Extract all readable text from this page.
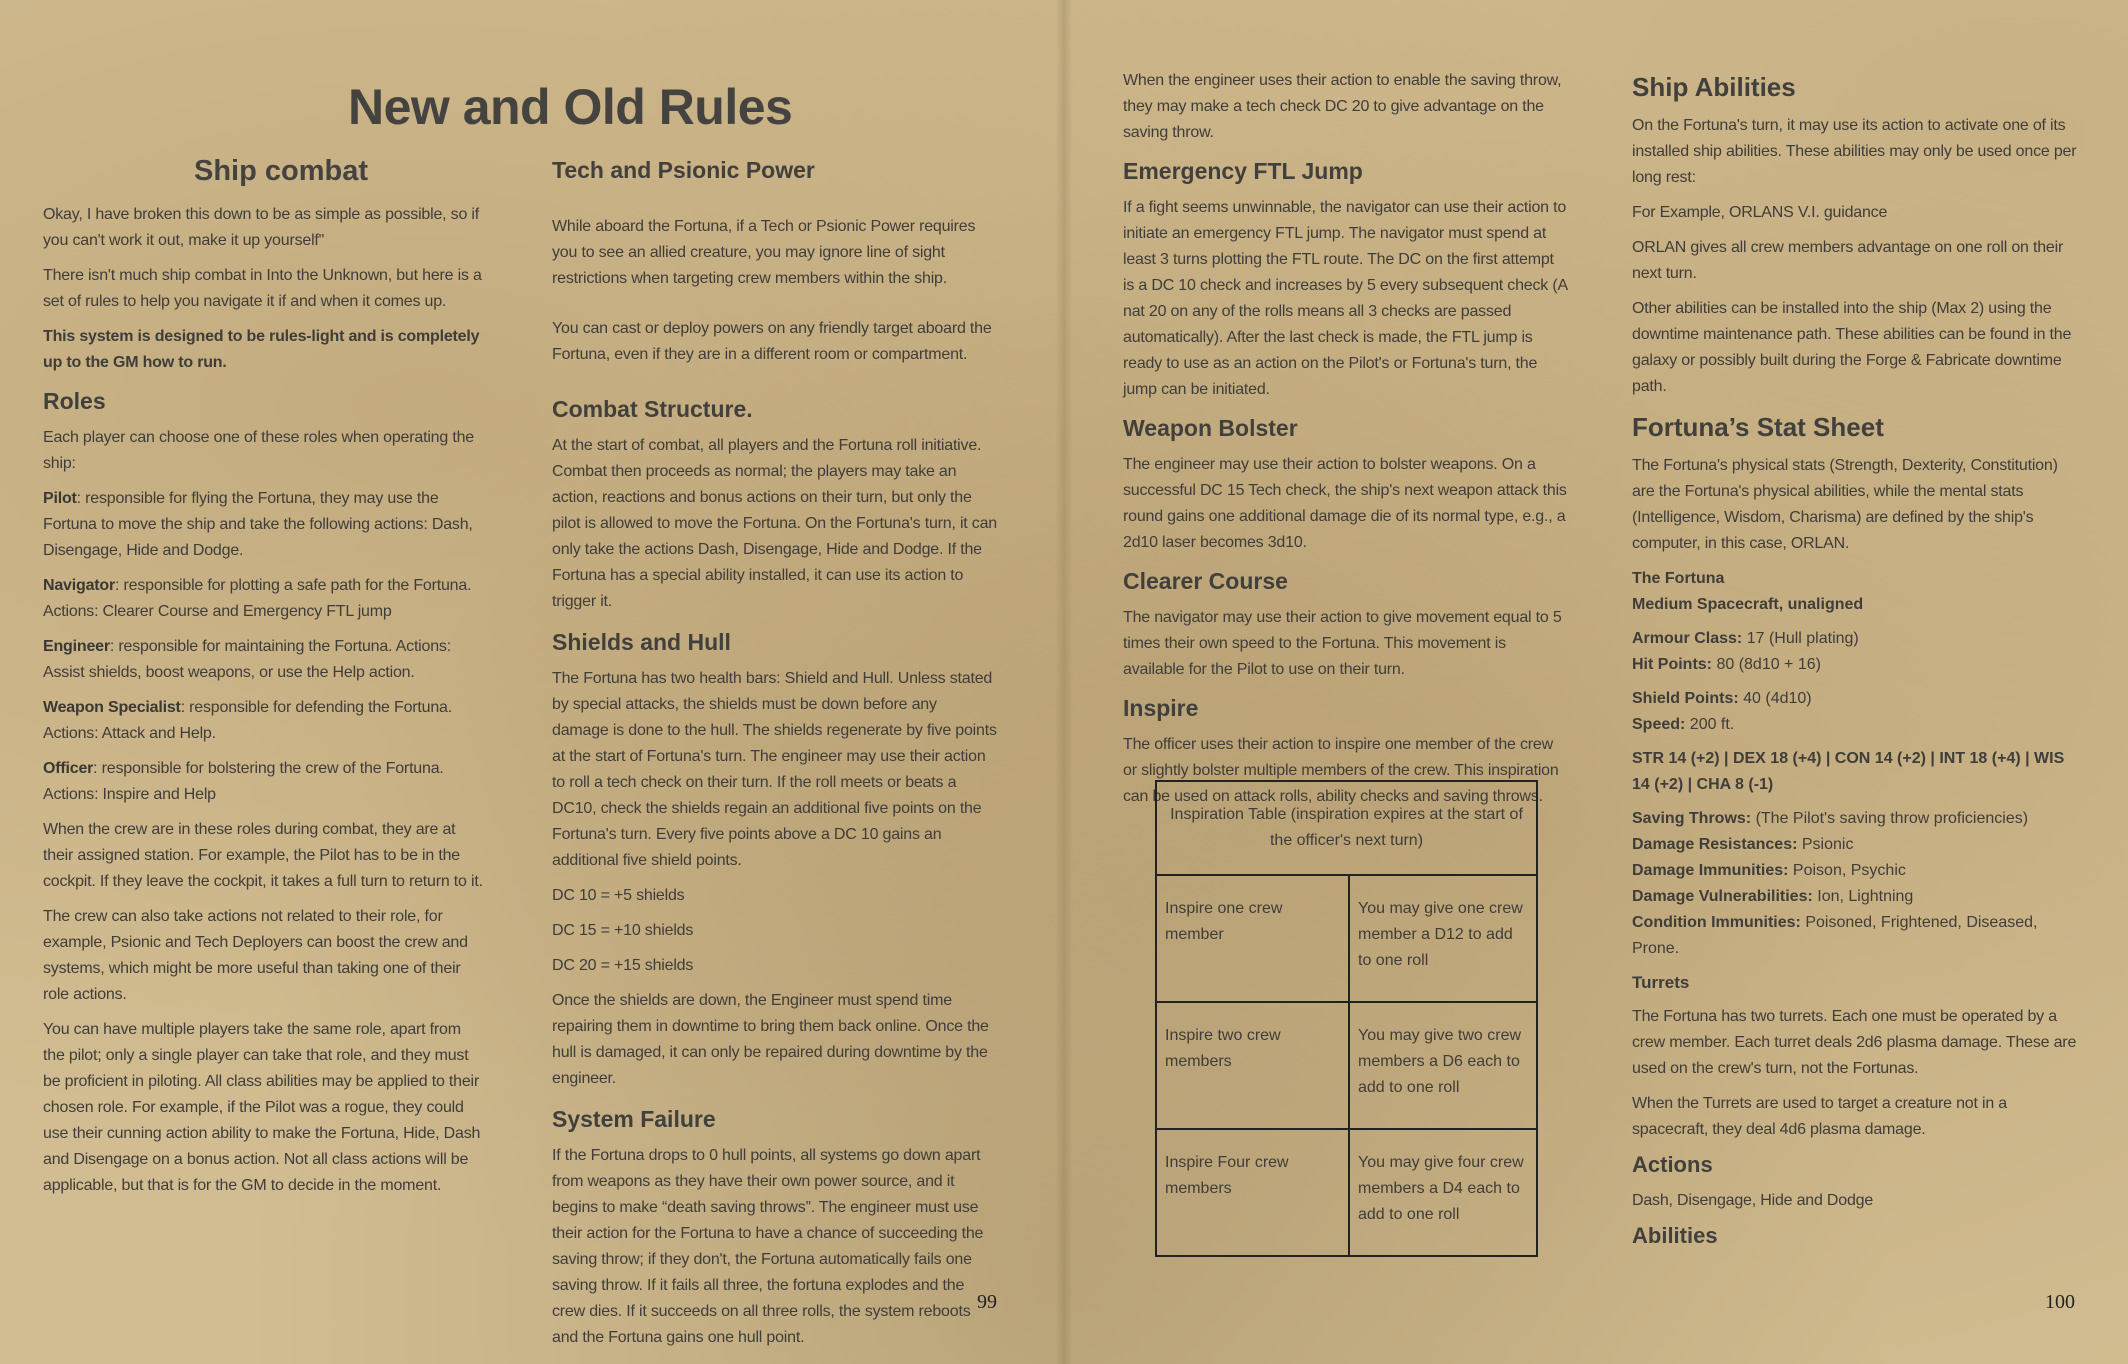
New and Old Rules
Ship combat

Okay, I have broken this down to be as simple as possible, so if you can't work it out, make it up yourself"

There isn't much ship combat in Into the Unknown, but here is a set of rules to help you navigate it if and when it comes up.

This system is designed to be rules-light and is completely up to the GM how to run.

Roles

Each player can choose one of these roles when operating the ship:

Pilot: responsible for flying the Fortuna, they may use the Fortuna to move the ship and take the following actions: Dash, Disengage, Hide and Dodge.

Navigator: responsible for plotting a safe path for the Fortuna. Actions: Clearer Course and Emergency FTL jump

Engineer: responsible for maintaining the Fortuna. Actions: Assist shields, boost weapons, or use the Help action.

Weapon Specialist: responsible for defending the Fortuna. Actions: Attack and Help.

Officer: responsible for bolstering the crew of the Fortuna. Actions: Inspire and Help

When the crew are in these roles during combat, they are at their assigned station. For example, the Pilot has to be in the cockpit. If they leave the cockpit, it takes a full turn to return to it.

The crew can also take actions not related to their role, for example, Psionic and Tech Deployers can boost the crew and systems, which might be more useful than taking one of their role actions.

You can have multiple players take the same role, apart from the pilot; only a single player can take that role, and they must be proficient in piloting. All class abilities may be applied to their chosen role. For example, if the Pilot was a rogue, they could use their cunning action ability to make the Fortuna, Hide, Dash and Disengage on a bonus action. Not all class actions will be applicable, but that is for the GM to decide in the moment.

Tech and Psionic Power

While aboard the Fortuna, if a Tech or Psionic Power requires you to see an allied creature, you may ignore line of sight restrictions when targeting crew members within the ship.

You can cast or deploy powers on any friendly target aboard the Fortuna, even if they are in a different room or compartment.

Combat Structure.

At the start of combat, all players and the Fortuna roll initiative. Combat then proceeds as normal; the players may take an action, reactions and bonus actions on their turn, but only the pilot is allowed to move the Fortuna. On the Fortuna's turn, it can only take the actions Dash, Disengage, Hide and Dodge. If the Fortuna has a special ability installed, it can use its action to trigger it.

Shields and Hull

The Fortuna has two health bars: Shield and Hull. Unless stated by special attacks, the shields must be down before any damage is done to the hull. The shields regenerate by five points at the start of Fortuna's turn. The engineer may use their action to roll a tech check on their turn. If the roll meets or beats a DC10, check the shields regain an additional five points on the Fortuna's turn. Every five points above a DC 10 gains an additional five shield points.

DC 10 = +5 shields

DC 15 = +10 shields

DC 20 = +15 shields

Once the shields are down, the Engineer must spend time repairing them in downtime to bring them back online. Once the hull is damaged, it can only be repaired during downtime by the engineer.

System Failure

If the Fortuna drops to 0 hull points, all systems go down apart from weapons as they have their own power source, and it begins to make “death saving throws”. The engineer must use their action for the Fortuna to have a chance of succeeding the saving throw; if they don't, the Fortuna automatically fails one saving throw. If it fails all three, the fortuna explodes and the crew dies. If it succeeds on all three rolls, the system reboots and the Fortuna gains one hull point.

99

When the engineer uses their action to enable the saving throw, they may make a tech check DC 20 to give advantage on the saving throw.

Emergency FTL Jump

If a fight seems unwinnable, the navigator can use their action to initiate an emergency FTL jump. The navigator must spend at least 3 turns plotting the FTL route. The DC on the first attempt is a DC 10 check and increases by 5 every subsequent check (A nat 20 on any of the rolls means all 3 checks are passed automatically). After the last check is made, the FTL jump is ready to use as an action on the Pilot's or Fortuna's turn, the jump can be initiated.

Weapon Bolster

The engineer may use their action to bolster weapons. On a successful DC 15 Tech check, the ship's next weapon attack this round gains one additional damage die of its normal type, e.g., a 2d10 laser becomes 3d10.

Clearer Course

The navigator may use their action to give movement equal to 5 times their own speed to the Fortuna. This movement is available for the Pilot to use on their turn.

Inspire

The officer uses their action to inspire one member of the crew or slightly bolster multiple members of the crew. This inspiration can be used on attack rolls, ability checks and saving throws.

Inspiration Table (inspiration expires at the start of the officer's next turn)	
Inspire one crew member	You may give one crew member a D12 to add to one roll
Inspire two crew members	You may give two crew members a D6 each to add to one roll
Inspire Four crew members	You may give four crew members a D4 each to add to one roll
Ship Abilities

On the Fortuna's turn, it may use its action to activate one of its installed ship abilities. These abilities may only be used once per long rest:

For Example, ORLANS V.I. guidance

ORLAN gives all crew members advantage on one roll on their next turn.

Other abilities can be installed into the ship (Max 2) using the downtime maintenance path. These abilities can be found in the galaxy or possibly built during the Forge & Fabricate downtime path.

Fortuna’s Stat Sheet

The Fortuna's physical stats (Strength, Dexterity, Constitution) are the Fortuna's physical abilities, while the mental stats (Intelligence, Wisdom, Charisma) are defined by the ship's computer, in this case, ORLAN.

The Fortuna

Medium Spacecraft, unaligned

Armour Class: 17 (Hull plating)

Hit Points: 80 (8d10 + 16)

Shield Points: 40 (4d10)

Speed: 200 ft.

STR 14 (+2) | DEX 18 (+4) | CON 14 (+2) | INT 18 (+4) | WIS 14 (+2) | CHA 8 (-1)

Saving Throws: (The Pilot's saving throw proficiencies)

Damage Resistances: Psionic

Damage Immunities: Poison, Psychic

Damage Vulnerabilities: Ion, Lightning

Condition Immunities: Poisoned, Frightened, Diseased, Prone.

Turrets

The Fortuna has two turrets. Each one must be operated by a crew member. Each turret deals 2d6 plasma damage. These are used on the crew's turn, not the Fortunas.

When the Turrets are used to target a creature not in a spacecraft, they deal 4d6 plasma damage.

Actions

Dash, Disengage, Hide and Dodge

Abilities
100
